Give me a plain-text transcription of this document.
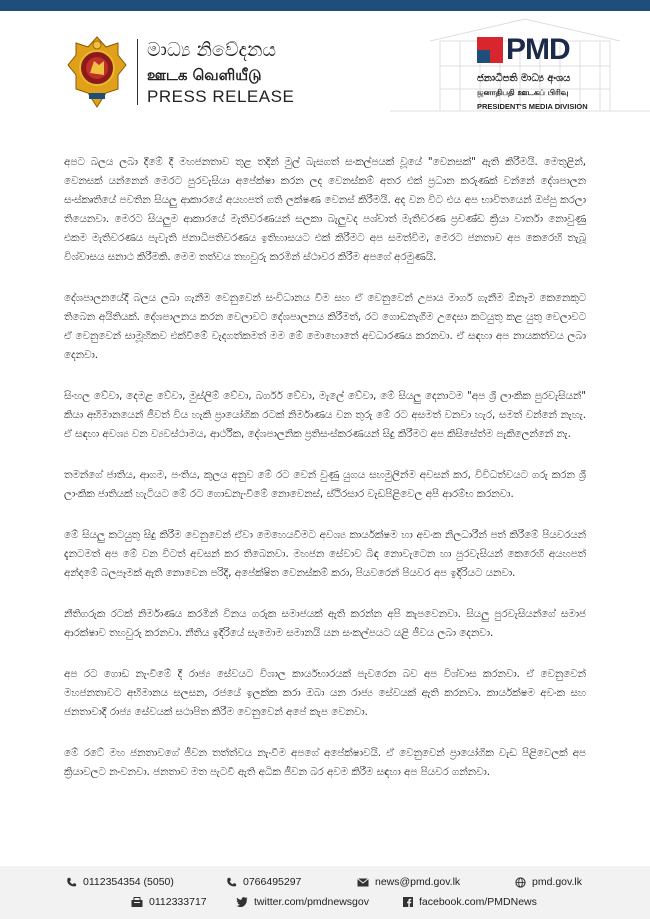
මාධ්‍ය නිවේදනය
ஊடக வெளியீடு
PRESS RELEASE
PMD
ජනාධිපති මාධ්‍ය අංශය
ஜனாதிபதி ஊடகப் பிரிவு
PRESIDENT'S MEDIA DIVISION

අපට බලය ලබා දීමේ දී මහජනතාව තුළ තදින් මුල් බැසගත් සංකල්පයක් වූයේ "වෙනසක්" ඇති කිරීමයි. මෙතුළින්, වෙනසක් යන්නෙන් මෙරට පුරවැසියා අපේක්ෂා කරන ලද වෙනස්කම් අතර එක් ප්‍රධාන කරුණක් වන්නේ දේශපාලන සංස්කෘතියේ පවතින සියලු ආකාරයේ අයහපත් ගති ලක්ෂණ වෙනස් කිරීමයි. අද වන විට එය අප භාවිතයෙන් ඔප්පු කරලා තියෙනවා. මෙරට සියලුම ආකාරයේ මැතිවරණයන් සලකා බැලුවද පශ්චාත් මැතිවරණ ප්‍රචණ්ඩ ක්‍රියා වාර්තා නොවුණු එකම මැතිවරණය පැවැති ජනාධිපතිවරණය ඉතිහාසයට එක් කිරීමට අප සමත්විම, මෙරට ජනතාව අප කෙරෙහි තැබූ විශ්වාසය සනාථ කිරීමකි. මෙම තත්වය තහවුරු කරමින් ස්ථාවර කිරීම අපගේ අරමුණයි.

දේශපාලනයේදී බලය ලබා ගැනීම වෙනුවෙන් සංවිධානය වීම සහ ඒ වෙනුවෙන් උපාය මාර්ග ගැනීම ඕනෑම කෙනෙකුට තිබෙන අයිතියක්. දේශපාලනය කරන වෙලාවට දේශපාලනය කිරීමත්, රට ගොඩනැගීම උදෙසා කටයුතු කළ යුතු වෙලාවට ඒ වෙනුවෙන් සාමූහිකව එක්වීමේ වැදගත්කමත් මම මේ මොහොතේ අවධාරණය කරනවා. ඒ සඳහා අප නායකත්වය ලබා දෙනවා.

සිංහල වේවා, දෙමළ වේවා, මුස්ලිම් වේවා, බර්ගර් වේවා, මැලේ වේවා, මේ සියලු දෙනාටම "අප ශ්‍රී ලාංකික පුරවැසියන්" කියා අභිමානයෙන් ජීවත් විය හැකි ප්‍රායෝගික රටක් නිර්මාණය වන තුරු මේ රට අසමත් වනවා හැර, සමත් වන්නේ නැහැ. ඒ සඳහා අවශ්‍ය වන ව්‍යවස්ථාමය, ආර්ථික, දේශපාලනික ප්‍රතිසංස්කරණයන් සිදු කිරීමට අප කිසිසේත්ම පැකිලෙන්නේ නැ.

තමන්ගේ ජාතිය, ආගම, පංතිය, කුලය අනුව මේ රට වෙන් වුණු යුගය සහමුලින්ම අවසන් කර, විවිධත්වයට ගරු කරන ශ්‍රී ලාංකික ජාතියක් හැටියට මේ රට ගොඩනැංවීමේ නොවෙනස්, ස්ථිරසාර වැඩපිළිවෙල අපි ආරම්භ කරනවා.

මේ සියලු කටයුතු සිදු කිරීම වෙනුවෙන් ඒවා මෙහෙයවීමට අවශ්‍ය කාර්යක්ෂම හා අවංක නිලධාරීන් පත් කිරීමේ පියවරයන් දැනටමත් අප මේ වන විටත් අවසන් කර තිබෙනවා. මහජන සේවාව බිඳ නොවැටෙන හා පුරවැසියන් කෙරෙහි අයහපත් අන්දමේ බලපෑමක් ඇති නොවෙන පරිදි, අපේක්ෂිත වෙනස්කම් කරා, පියවරෙන් පියවර අප ඉදිරියට යනවා.

නීතිගරුක රටක් නිර්මාණය කරමින් විනය ගරුක සමාජයක් ඇති කරන්න අපි කැපවෙනවා. සියලු පුරවැසියන්ගේ සමාජ ආරක්ෂාව තහවුරු කරනවා. නීතිය ඉදිරියේ සැමොම සමානයි යන සංකල්පයට යළි ජීවය ලබා දෙනවා.

අප රට ගොඩ නැංවීමේ දී රාජ්‍ය සේවයට විශාල කාර්යභාරයක් පැවරෙන බව අප විශ්වාස කරනවා. ඒ වෙනුවෙන් මහජනතාවට අභිමානය සලසන, රජයේ ඉලක්ක කරා ඔබා යන රාජ්‍ය සේවයක් ඇති කරනවා. කාර්යක්ෂම අවංක සහ ජනතාවාදී රාජ්‍ය සේවයක් සථාපිත කිරීම වෙනුවෙන් අපේ කැප වෙනවා.

මේ රටේ මහ ජනතාවගේ ජීවන තත්ත්වය නැංවීම අපගේ අපේක්ෂාවයි. ඒ වෙනුවෙන් ප්‍රායෝගික වැඩ පිළිවෙලක් අප ක්‍රියාවලට නංවනවා. ජනතාව මත පැටවී ඇති අධික ජීවන බර අවම කිරීම සඳහා අප පියවර ගන්නවා.

0112354354 (5050)	0766495297	news@pmd.gov.lk	pmd.gov.lk
0112333717	twitter.com/pmdnewsgov	facebook.com/PMDNews
